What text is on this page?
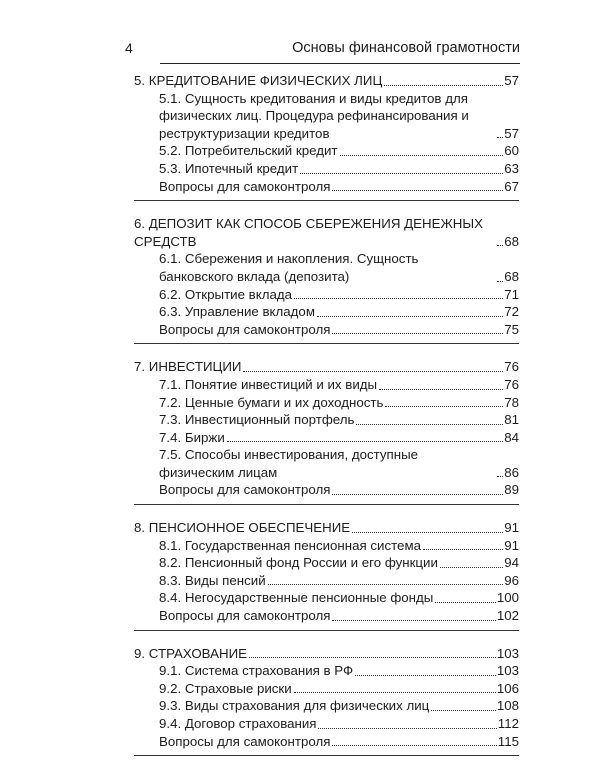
4	Основы финансовой грамотности
5. КРЕДИТОВАНИЕ ФИЗИЧЕСКИХ ЛИЦ	57
5.1. Сущность кредитования и виды кредитов для физических лиц. Процедура рефинансирования и реструктуризации кредитов	57
5.2. Потребительский кредит	60
5.3. Ипотечный кредит	63
Вопросы для самоконтроля	67
6. ДЕПОЗИТ КАК СПОСОБ СБЕРЕЖЕНИЯ ДЕНЕЖНЫХ СРЕДСТВ	68
6.1. Сбережения и накопления. Сущность банковского вклада (депозита)	68
6.2. Открытие вклада	71
6.3. Управление вкладом	72
Вопросы для самоконтроля	75
7. ИНВЕСТИЦИИ	76
7.1. Понятие инвестиций и их виды	76
7.2. Ценные бумаги и их доходность	78
7.3. Инвестиционный портфель	81
7.4. Биржи	84
7.5. Способы инвестирования, доступные физическим лицам	86
Вопросы для самоконтроля	89
8. ПЕНСИОННОЕ ОБЕСПЕЧЕНИЕ	91
8.1. Государственная пенсионная система	91
8.2. Пенсионный фонд России и его функции	94
8.3. Виды пенсий	96
8.4. Негосударственные пенсионные фонды	100
Вопросы для самоконтроля	102
9. СТРАХОВАНИЕ	103
9.1. Система страхования в РФ	103
9.2. Страховые риски	106
9.3. Виды страхования для физических лиц	108
9.4. Договор страхования	112
Вопросы для самоконтроля	115
